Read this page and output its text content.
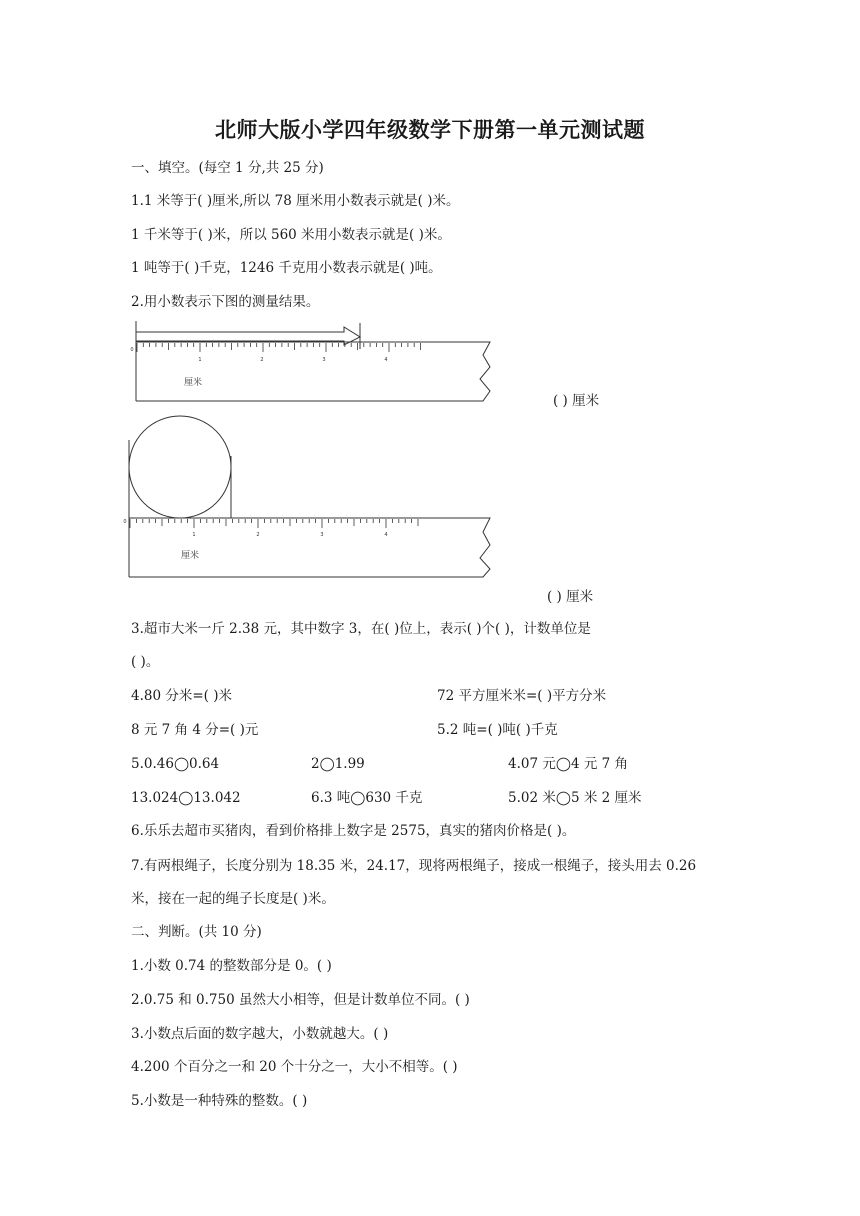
北师大版小学四年级数学下册第一单元测试题
一、填空。(每空 1 分,共 25 分)
1.1 米等于( )厘米,所以 78 厘米用小数表示就是( )米。
1 千米等于( )米，所以 560 米用小数表示就是( )米。
1 吨等于( )千克，1246 千克用小数表示就是( )吨。
2.用小数表示下图的测量结果。
0
1	2	3	4
厘米
( ) 厘米
0
1	2	3	4
厘米
( ) 厘米
3.超市大米一斤 2.38 元，其中数字 3，在( )位上，表示( )个( )，计数单位是
( )。
4.80 分米=( )米	72 平方厘米米=( )平方分米
8 元 7 角 4 分=( )元	5.2 吨=( )吨( )千克
5.0.46◯0.64	2◯1.99	4.07 元◯4 元 7 角
13.024◯13.042	6.3 吨◯630 千克	5.02 米◯5 米 2 厘米
6.乐乐去超市买猪肉，看到价格排上数字是 2575，真实的猪肉价格是( )。
7.有两根绳子，长度分别为 18.35 米，24.17，现将两根绳子，接成一根绳子，接头用去 0.26
米，接在一起的绳子长度是( )米。
二、判断。(共 10 分)
1.小数 0.74 的整数部分是 0。( )
2.0.75 和 0.750 虽然大小相等，但是计数单位不同。( )
3.小数点后面的数字越大，小数就越大。( )
4.200 个百分之一和 20 个十分之一，大小不相等。( )
5.小数是一种特殊的整数。( )
